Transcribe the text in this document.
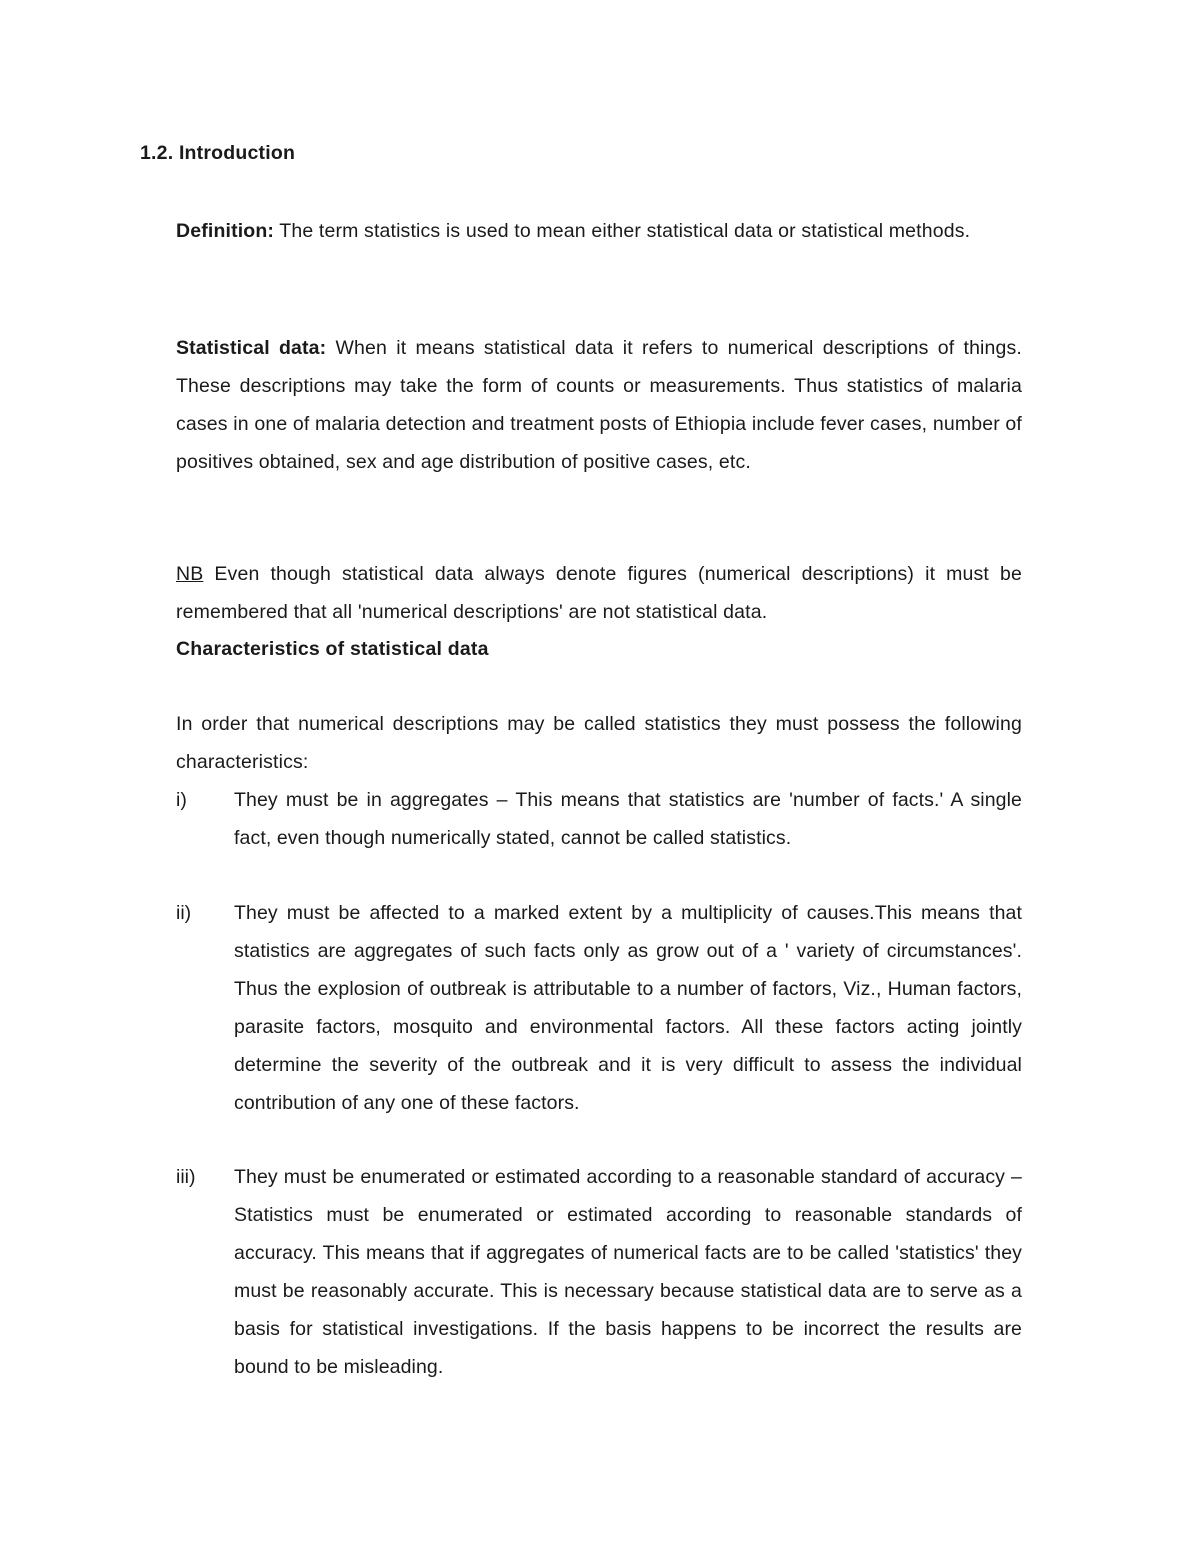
1.2. Introduction
Definition: The term statistics is used to mean either statistical data or statistical methods.
Statistical data: When it means statistical data it refers to numerical descriptions of things. These descriptions may take the form of counts or measurements. Thus statistics of malaria cases in one of malaria detection and treatment posts of Ethiopia include fever cases, number of positives obtained, sex and age distribution of positive cases, etc.
NB Even though statistical data always denote figures (numerical descriptions) it must be remembered that all 'numerical descriptions' are not statistical data.
Characteristics of statistical data
In order that numerical descriptions may be called statistics they must possess the following characteristics:
i) They must be in aggregates – This means that statistics are 'number of facts.' A single fact, even though numerically stated, cannot be called statistics.
ii) They must be affected to a marked extent by a multiplicity of causes.This means that statistics are aggregates of such facts only as grow out of a ' variety of circumstances'. Thus the explosion of outbreak is attributable to a number of factors, Viz., Human factors, parasite factors, mosquito and environmental factors. All these factors acting jointly determine the severity of the outbreak and it is very difficult to assess the individual contribution of any one of these factors.
iii) They must be enumerated or estimated according to a reasonable standard of accuracy – Statistics must be enumerated or estimated according to reasonable standards of accuracy. This means that if aggregates of numerical facts are to be called 'statistics' they must be reasonably accurate. This is necessary because statistical data are to serve as a basis for statistical investigations. If the basis happens to be incorrect the results are bound to be misleading.
